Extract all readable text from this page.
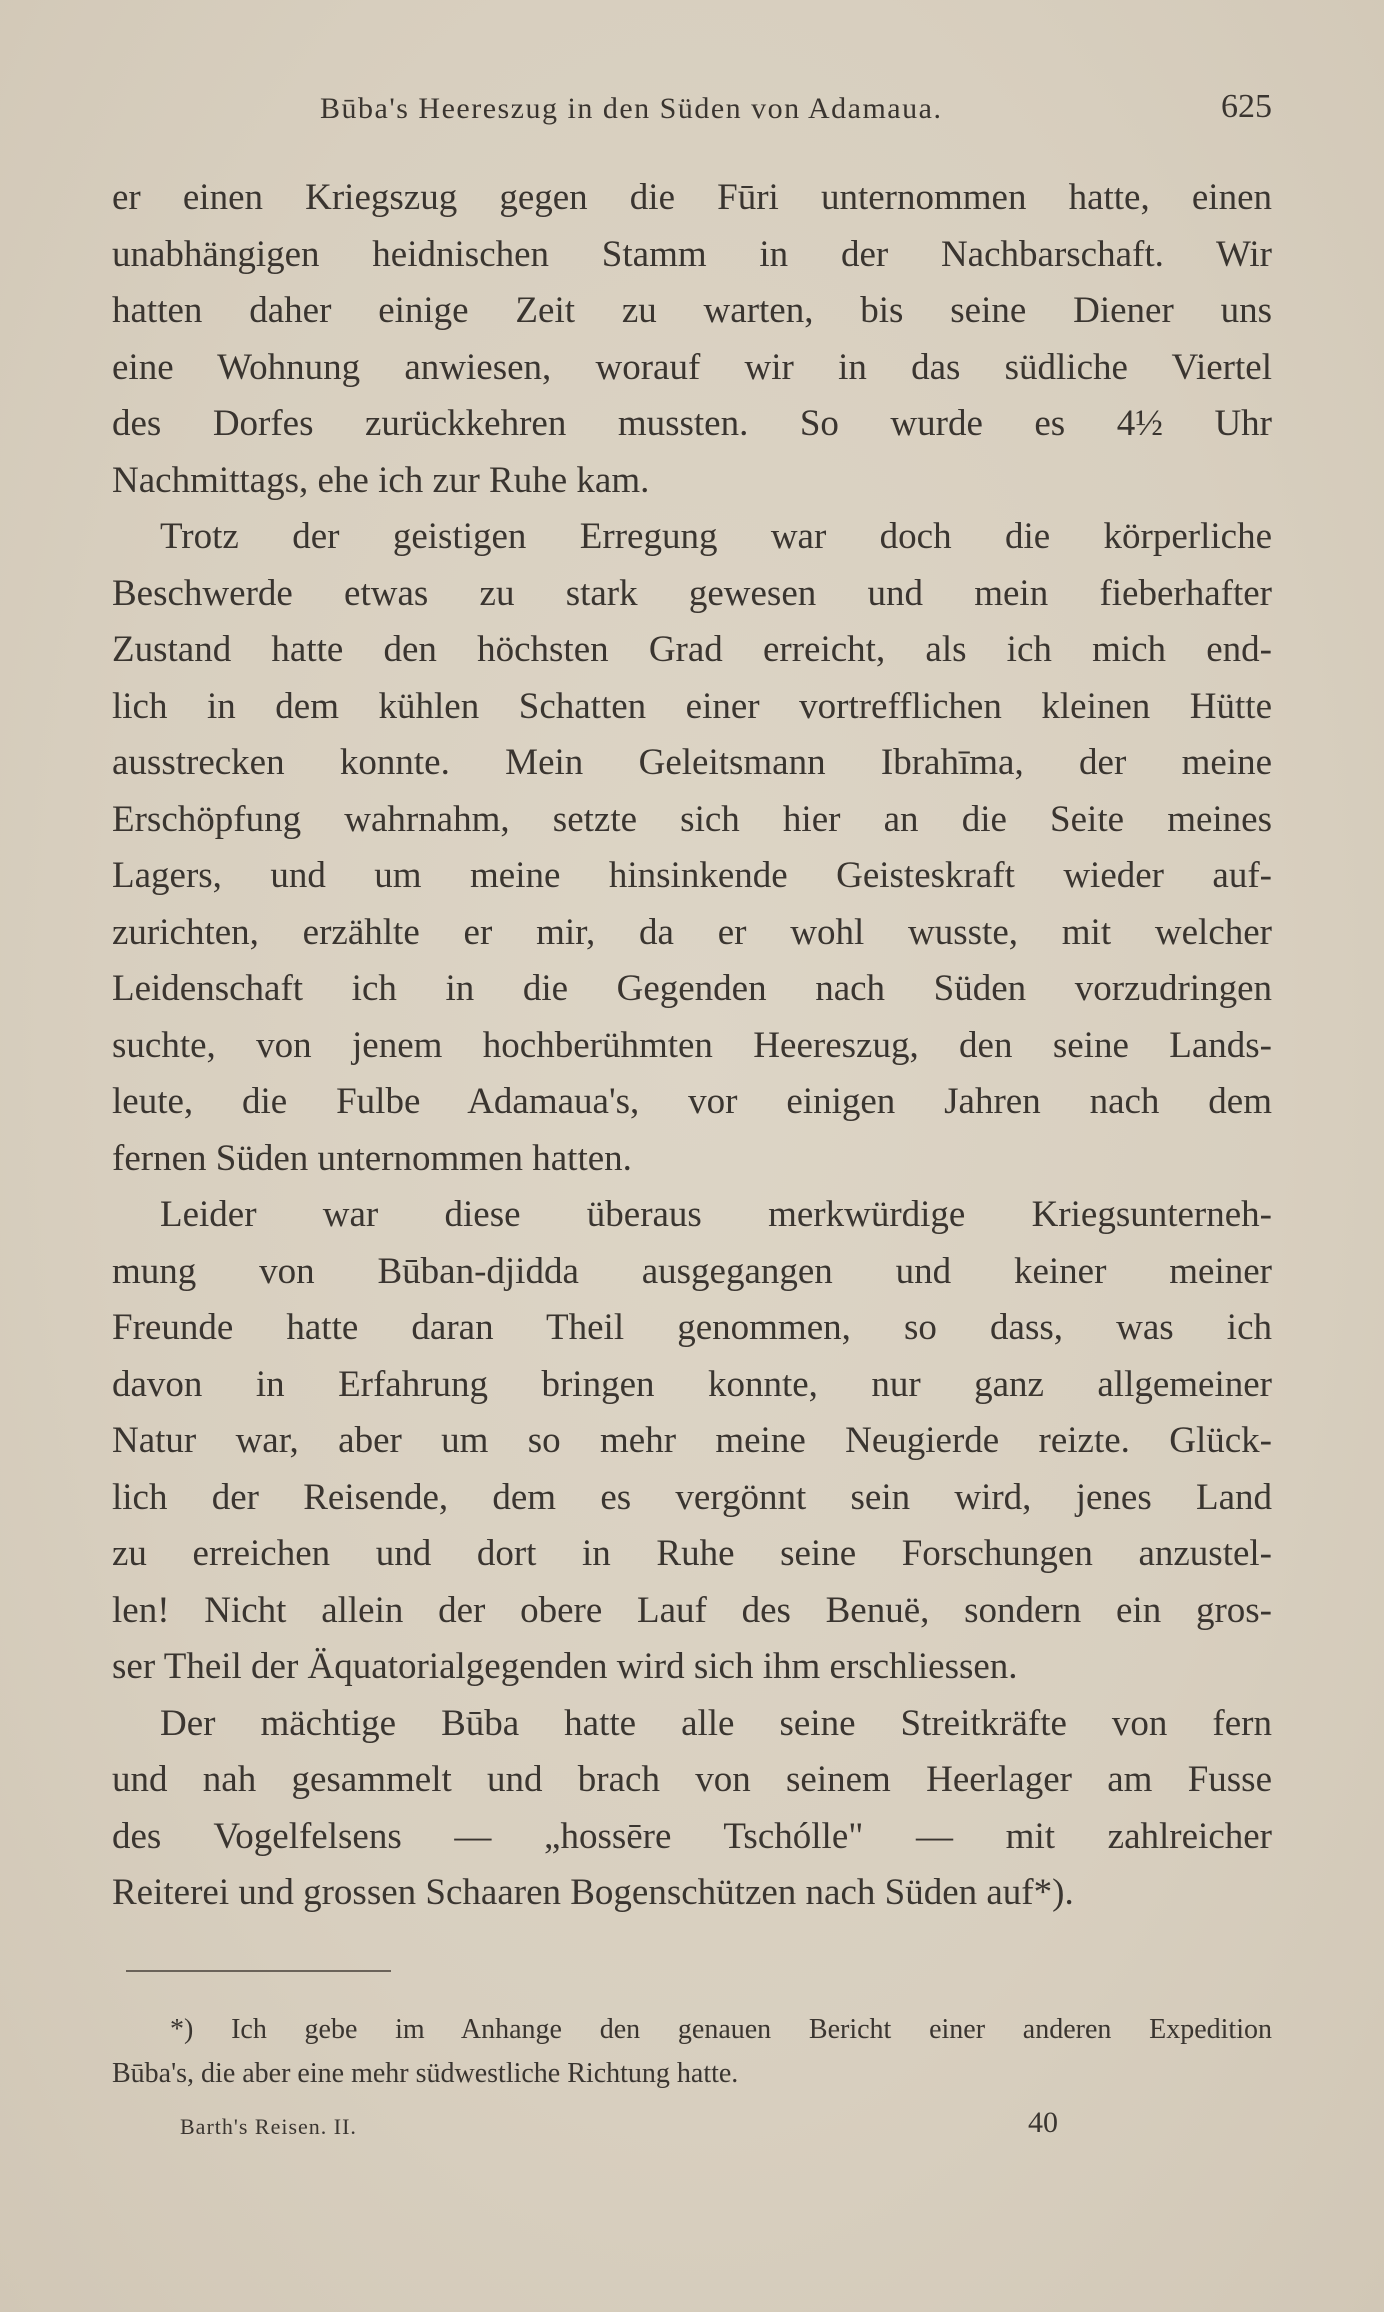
Būba's Heereszug in den Süden von Adamaua.	625
er einen Kriegszug gegen die Fūri unternommen hatte, einen
unabhängigen heidnischen Stamm in der Nachbarschaft. Wir
hatten daher einige Zeit zu warten, bis seine Diener uns
eine Wohnung anwiesen, worauf wir in das südliche Viertel
des Dorfes zurückkehren mussten. So wurde es 4½ Uhr
Nachmittags, ehe ich zur Ruhe kam.
Trotz der geistigen Erregung war doch die körperliche
Beschwerde etwas zu stark gewesen und mein fieberhafter
Zustand hatte den höchsten Grad erreicht, als ich mich end-
lich in dem kühlen Schatten einer vortrefflichen kleinen Hütte
ausstrecken konnte. Mein Geleitsmann Ibrahīma, der meine
Erschöpfung wahrnahm, setzte sich hier an die Seite meines
Lagers, und um meine hinsinkende Geisteskraft wieder auf-
zurichten, erzählte er mir, da er wohl wusste, mit welcher
Leidenschaft ich in die Gegenden nach Süden vorzudringen
suchte, von jenem hochberühmten Heereszug, den seine Lands-
leute, die Fulbe Adamaua's, vor einigen Jahren nach dem
fernen Süden unternommen hatten.
Leider war diese überaus merkwürdige Kriegsunterneh-
mung von Būban-djidda ausgegangen und keiner meiner
Freunde hatte daran Theil genommen, so dass, was ich
davon in Erfahrung bringen konnte, nur ganz allgemeiner
Natur war, aber um so mehr meine Neugierde reizte. Glück-
lich der Reisende, dem es vergönnt sein wird, jenes Land
zu erreichen und dort in Ruhe seine Forschungen anzustel-
len! Nicht allein der obere Lauf des Benuë, sondern ein gros-
ser Theil der Äquatorialgegenden wird sich ihm erschliessen.
Der mächtige Būba hatte alle seine Streitkräfte von fern
und nah gesammelt und brach von seinem Heerlager am Fusse
des Vogelfelsens — „hossēre Tschólle" — mit zahlreicher
Reiterei und grossen Schaaren Bogenschützen nach Süden auf*).
*) Ich gebe im Anhange den genauen Bericht einer anderen Expedition
Būba's, die aber eine mehr südwestliche Richtung hatte.
Barth's Reisen. II.	40
